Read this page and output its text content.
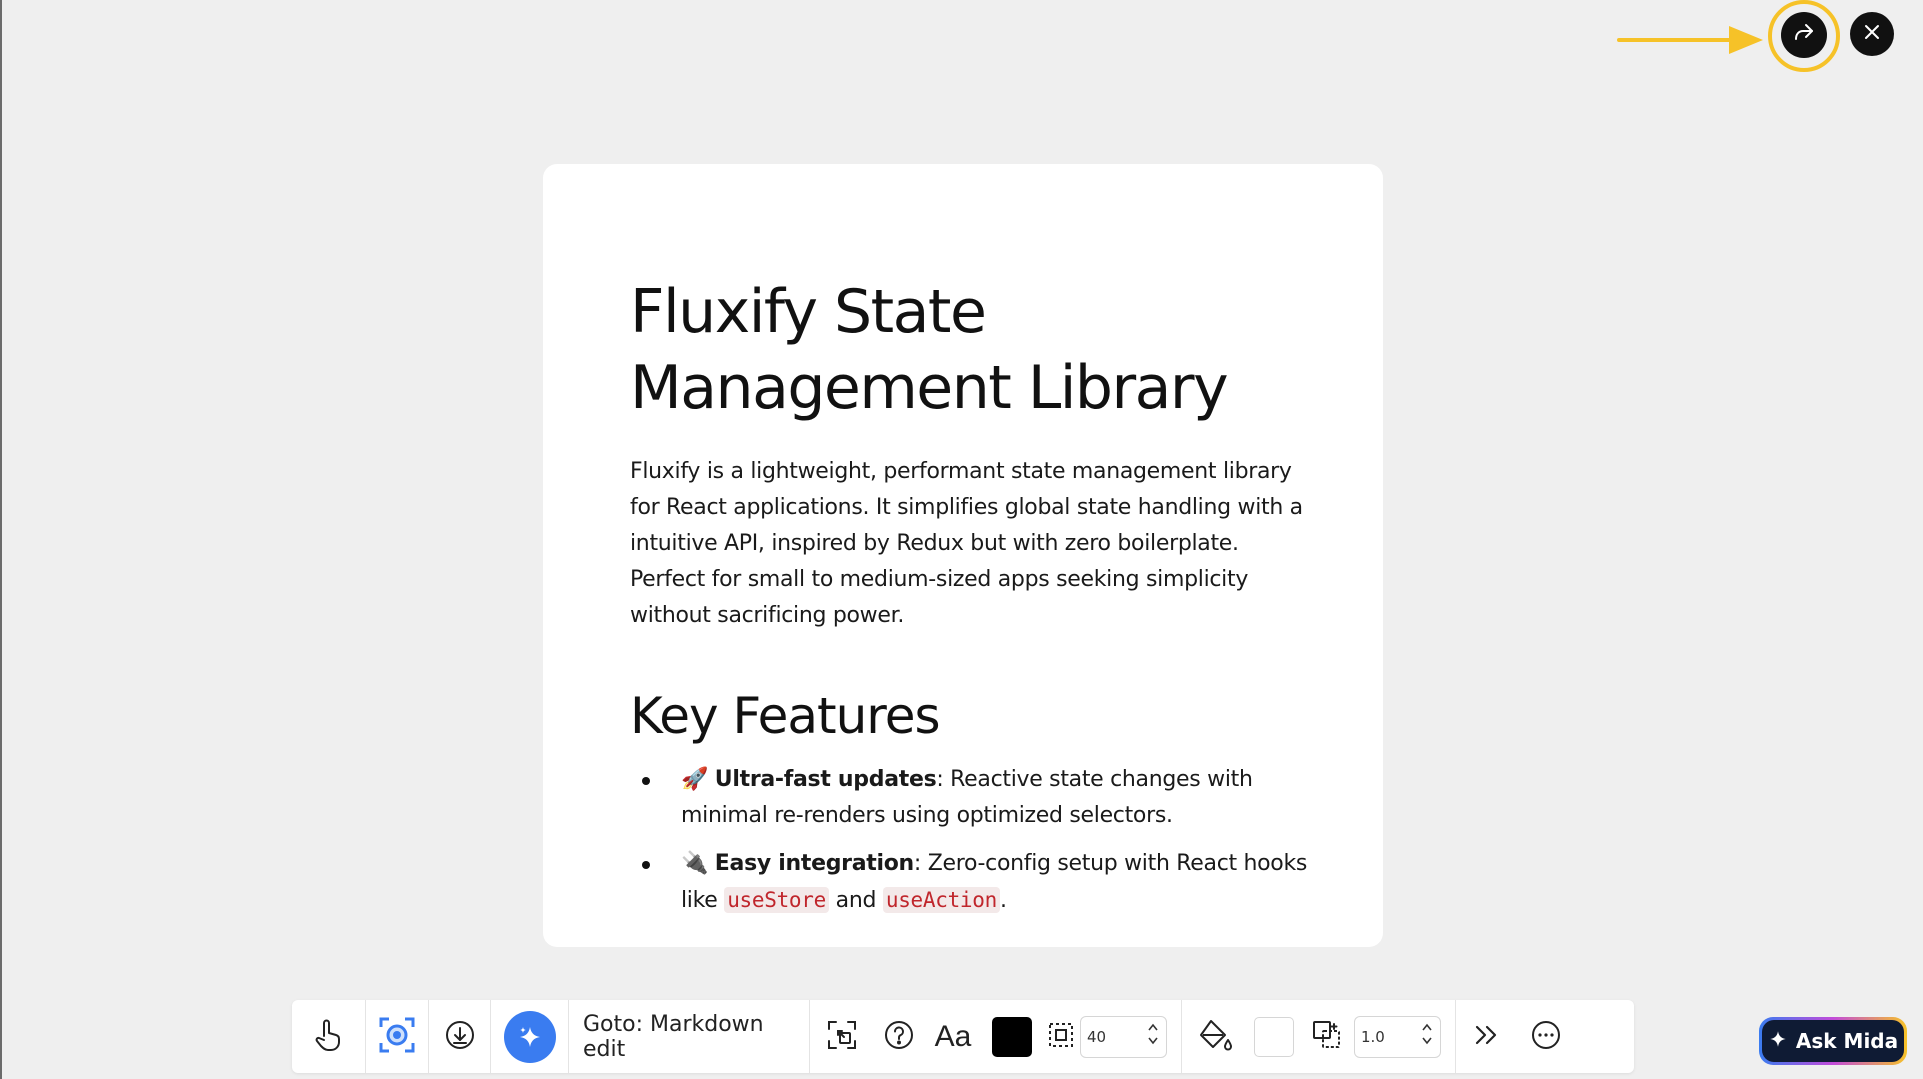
Fluxify State Management Library

Fluxify is a lightweight, performant state management library for React applications. It simplifies global state handling with a intuitive API, inspired by Redux but with zero boilerplate. Perfect for small to medium-sized apps seeking simplicity without sacrificing power.

Key Features
🚀 Ultra-fast updates: Reactive state changes with minimal re-renders using optimized selectors.
🔌 Easy integration: Zero-config setup with React hooks like useStore and useAction .
Goto: Markdown edit	Aa	40	1.0	Ask Mida
